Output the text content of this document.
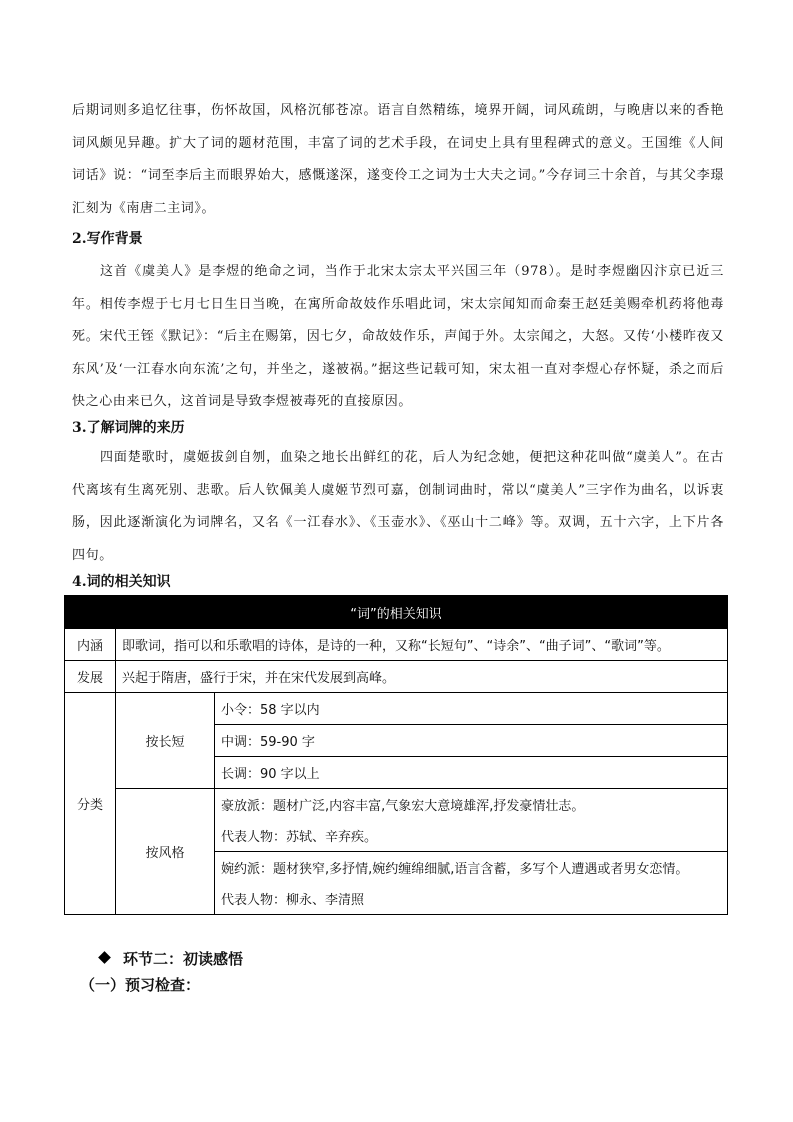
后期词则多追忆往事，伤怀故国，风格沉郁苍凉。语言自然精练，境界开阔，词风疏朗，与晚唐以来的香艳词风颇见异趣。扩大了词的题材范围，丰富了词的艺术手段，在词史上具有里程碑式的意义。王国维《人间词话》说：“词至李后主而眼界始大，感慨遂深，遂变伶工之词为士大夫之词。”今存词三十余首，与其父李璟汇刻为《南唐二主词》。
2.写作背景
这首《虞美人》是李煜的绝命之词，当作于北宋太宗太平兴国三年（978）。是时李煜幽囚汴京已近三年。相传李煜于七月七日生日当晚，在寓所命故妓作乐唱此词，宋太宗闻知而命秦王赵廷美赐牵机药将他毒死。宋代王铚《默记》：“后主在赐第，因七夕，命故妓作乐，声闻于外。太宗闻之，大怒。又传‘小楼昨夜又东风’及‘一江春水向东流’之句，并坐之，遂被祸。”据这些记载可知，宋太祖一直对李煜心存怀疑，杀之而后快之心由来已久，这首词是导致李煜被毒死的直接原因。
3.了解词牌的来历
四面楚歌时，虞姬拔剑自刎，血染之地长出鲜红的花，后人为纪念她，便把这种花叫做“虞美人”。在古代离垓有生离死别、悲歌。后人钦佩美人虞姬节烈可嘉，创制词曲时，常以“虞美人”三字作为曲名，以诉衷肠，因此逐渐演化为词牌名，又名《一江春水》、《玉壶水》、《巫山十二峰》等。双调，五十六字，上下片各四句。
4.词的相关知识
“词”的相关知识		
内涵	即歌词，指可以和乐歌唱的诗体，是诗的一种，又称“长短句”、“诗余”、“曲子词”、“歌词”等。	
发展	兴起于隋唐，盛行于宋，并在宋代发展到高峰。	
分类	按长短	小令：58 字以内
		中调：59-90 字
		长调：90 字以上
	按风格	豪放派：题材广泛,内容丰富,气象宏大意境雄浑,抒发豪情壮志。
		代表人物：苏轼、辛弃疾。
		婉约派：题材狭窄,多抒情,婉约缠绵细腻,语言含蓄，多写个人遭遇或者男女恋情。
		代表人物：柳永、李清照
环节二：初读感悟
（一）预习检查：
